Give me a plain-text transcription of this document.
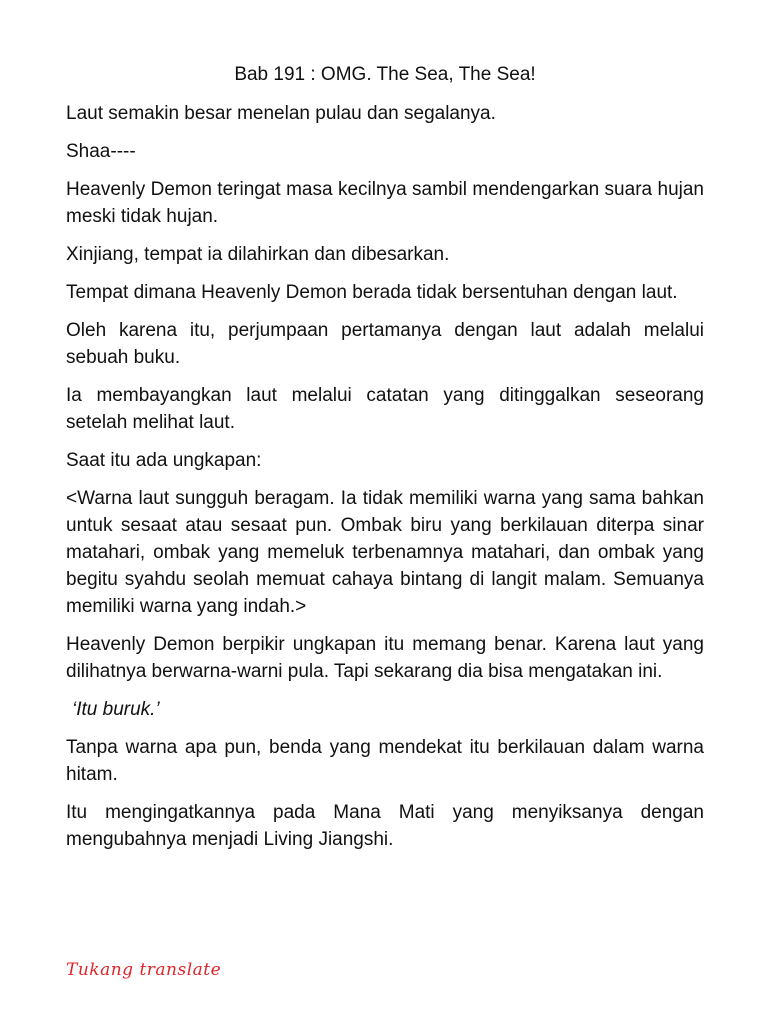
Bab 191 : OMG. The Sea, The Sea!

Laut semakin besar menelan pulau dan segalanya.

Shaa----

Heavenly Demon teringat masa kecilnya sambil mendengarkan suara hujan meski tidak hujan.

Xinjiang, tempat ia dilahirkan dan dibesarkan.

Tempat dimana Heavenly Demon berada tidak bersentuhan dengan laut.

Oleh karena itu, perjumpaan pertamanya dengan laut adalah melalui sebuah buku.

Ia membayangkan laut melalui catatan yang ditinggalkan seseorang setelah melihat laut.

Saat itu ada ungkapan:

<Warna laut sungguh beragam. Ia tidak memiliki warna yang sama bahkan untuk sesaat atau sesaat pun. Ombak biru yang berkilauan diterpa sinar matahari, ombak yang memeluk terbenamnya matahari, dan ombak yang begitu syahdu seolah memuat cahaya bintang di langit malam. Semuanya memiliki warna yang indah.>

Heavenly Demon berpikir ungkapan itu memang benar. Karena laut yang dilihatnya berwarna-warni pula. Tapi sekarang dia bisa mengatakan ini.

‘Itu buruk.’

Tanpa warna apa pun, benda yang mendekat itu berkilauan dalam warna hitam.

Itu mengingatkannya pada Mana Mati yang menyiksanya dengan mengubahnya menjadi Living Jiangshi.

Tukang translate
